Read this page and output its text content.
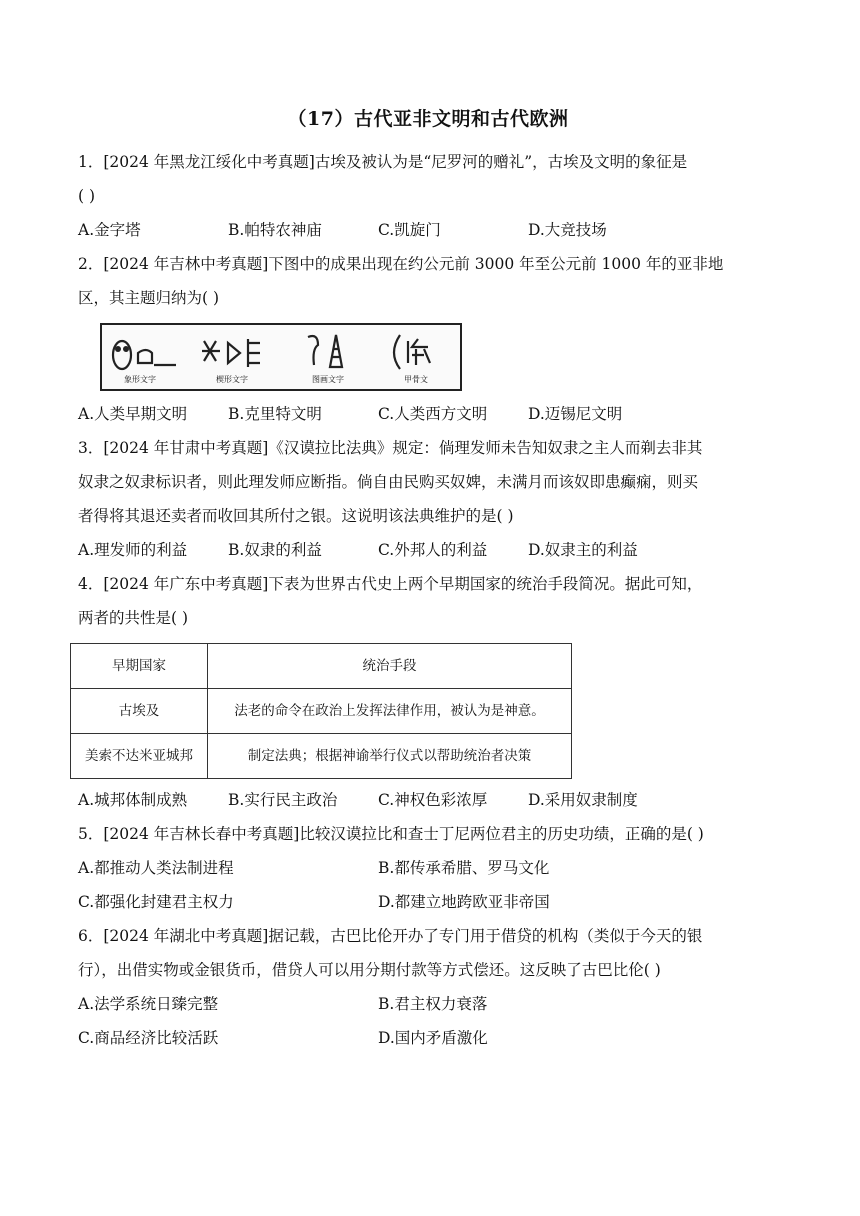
（17）古代亚非文明和古代欧洲

1．[2024 年黑龙江绥化中考真题]古埃及被认为是“尼罗河的赠礼”，古埃及文明的象征是

( )

A.金字塔	B.帕特农神庙	C.凯旋门	D.大竞技场

2．[2024 年吉林中考真题]下图中的成果出现在约公元前 3000 年至公元前 1000 年的亚非地

区，其主题归纳为( )

象形文字	楔形文字	图画文字	甲骨文
A.人类早期文明	B.克里特文明	C.人类西方文明	D.迈锡尼文明

3．[2024 年甘肃中考真题]《汉谟拉比法典》规定：倘理发师未告知奴隶之主人而剃去非其

奴隶之奴隶标识者，则此理发师应断指。倘自由民购买奴婢，未满月而该奴即患癫痫，则买

者得将其退还卖者而收回其所付之银。这说明该法典维护的是( )

A.理发师的利益	B.奴隶的利益	C.外邦人的利益	D.奴隶主的利益

4．[2024 年广东中考真题]下表为世界古代史上两个早期国家的统治手段简况。据此可知，

两者的共性是( )

早期国家	统治手段
古埃及	法老的命令在政治上发挥法律作用，被认为是神意。
美索不达米亚城邦	制定法典；根据神谕举行仪式以帮助统治者决策
A.城邦体制成熟	B.实行民主政治	C.神权色彩浓厚	D.采用奴隶制度

5．[2024 年吉林长春中考真题]比较汉谟拉比和查士丁尼两位君主的历史功绩，正确的是( )

A.都推动人类法制进程	B.都传承希腊、罗马文化
C.都强化封建君主权力	D.都建立地跨欧亚非帝国

6．[2024 年湖北中考真题]据记载，古巴比伦开办了专门用于借贷的机构（类似于今天的银

行），出借实物或金银货币，借贷人可以用分期付款等方式偿还。这反映了古巴比伦( )

A.法学系统日臻完整	B.君主权力衰落
C.商品经济比较活跃	D.国内矛盾激化
